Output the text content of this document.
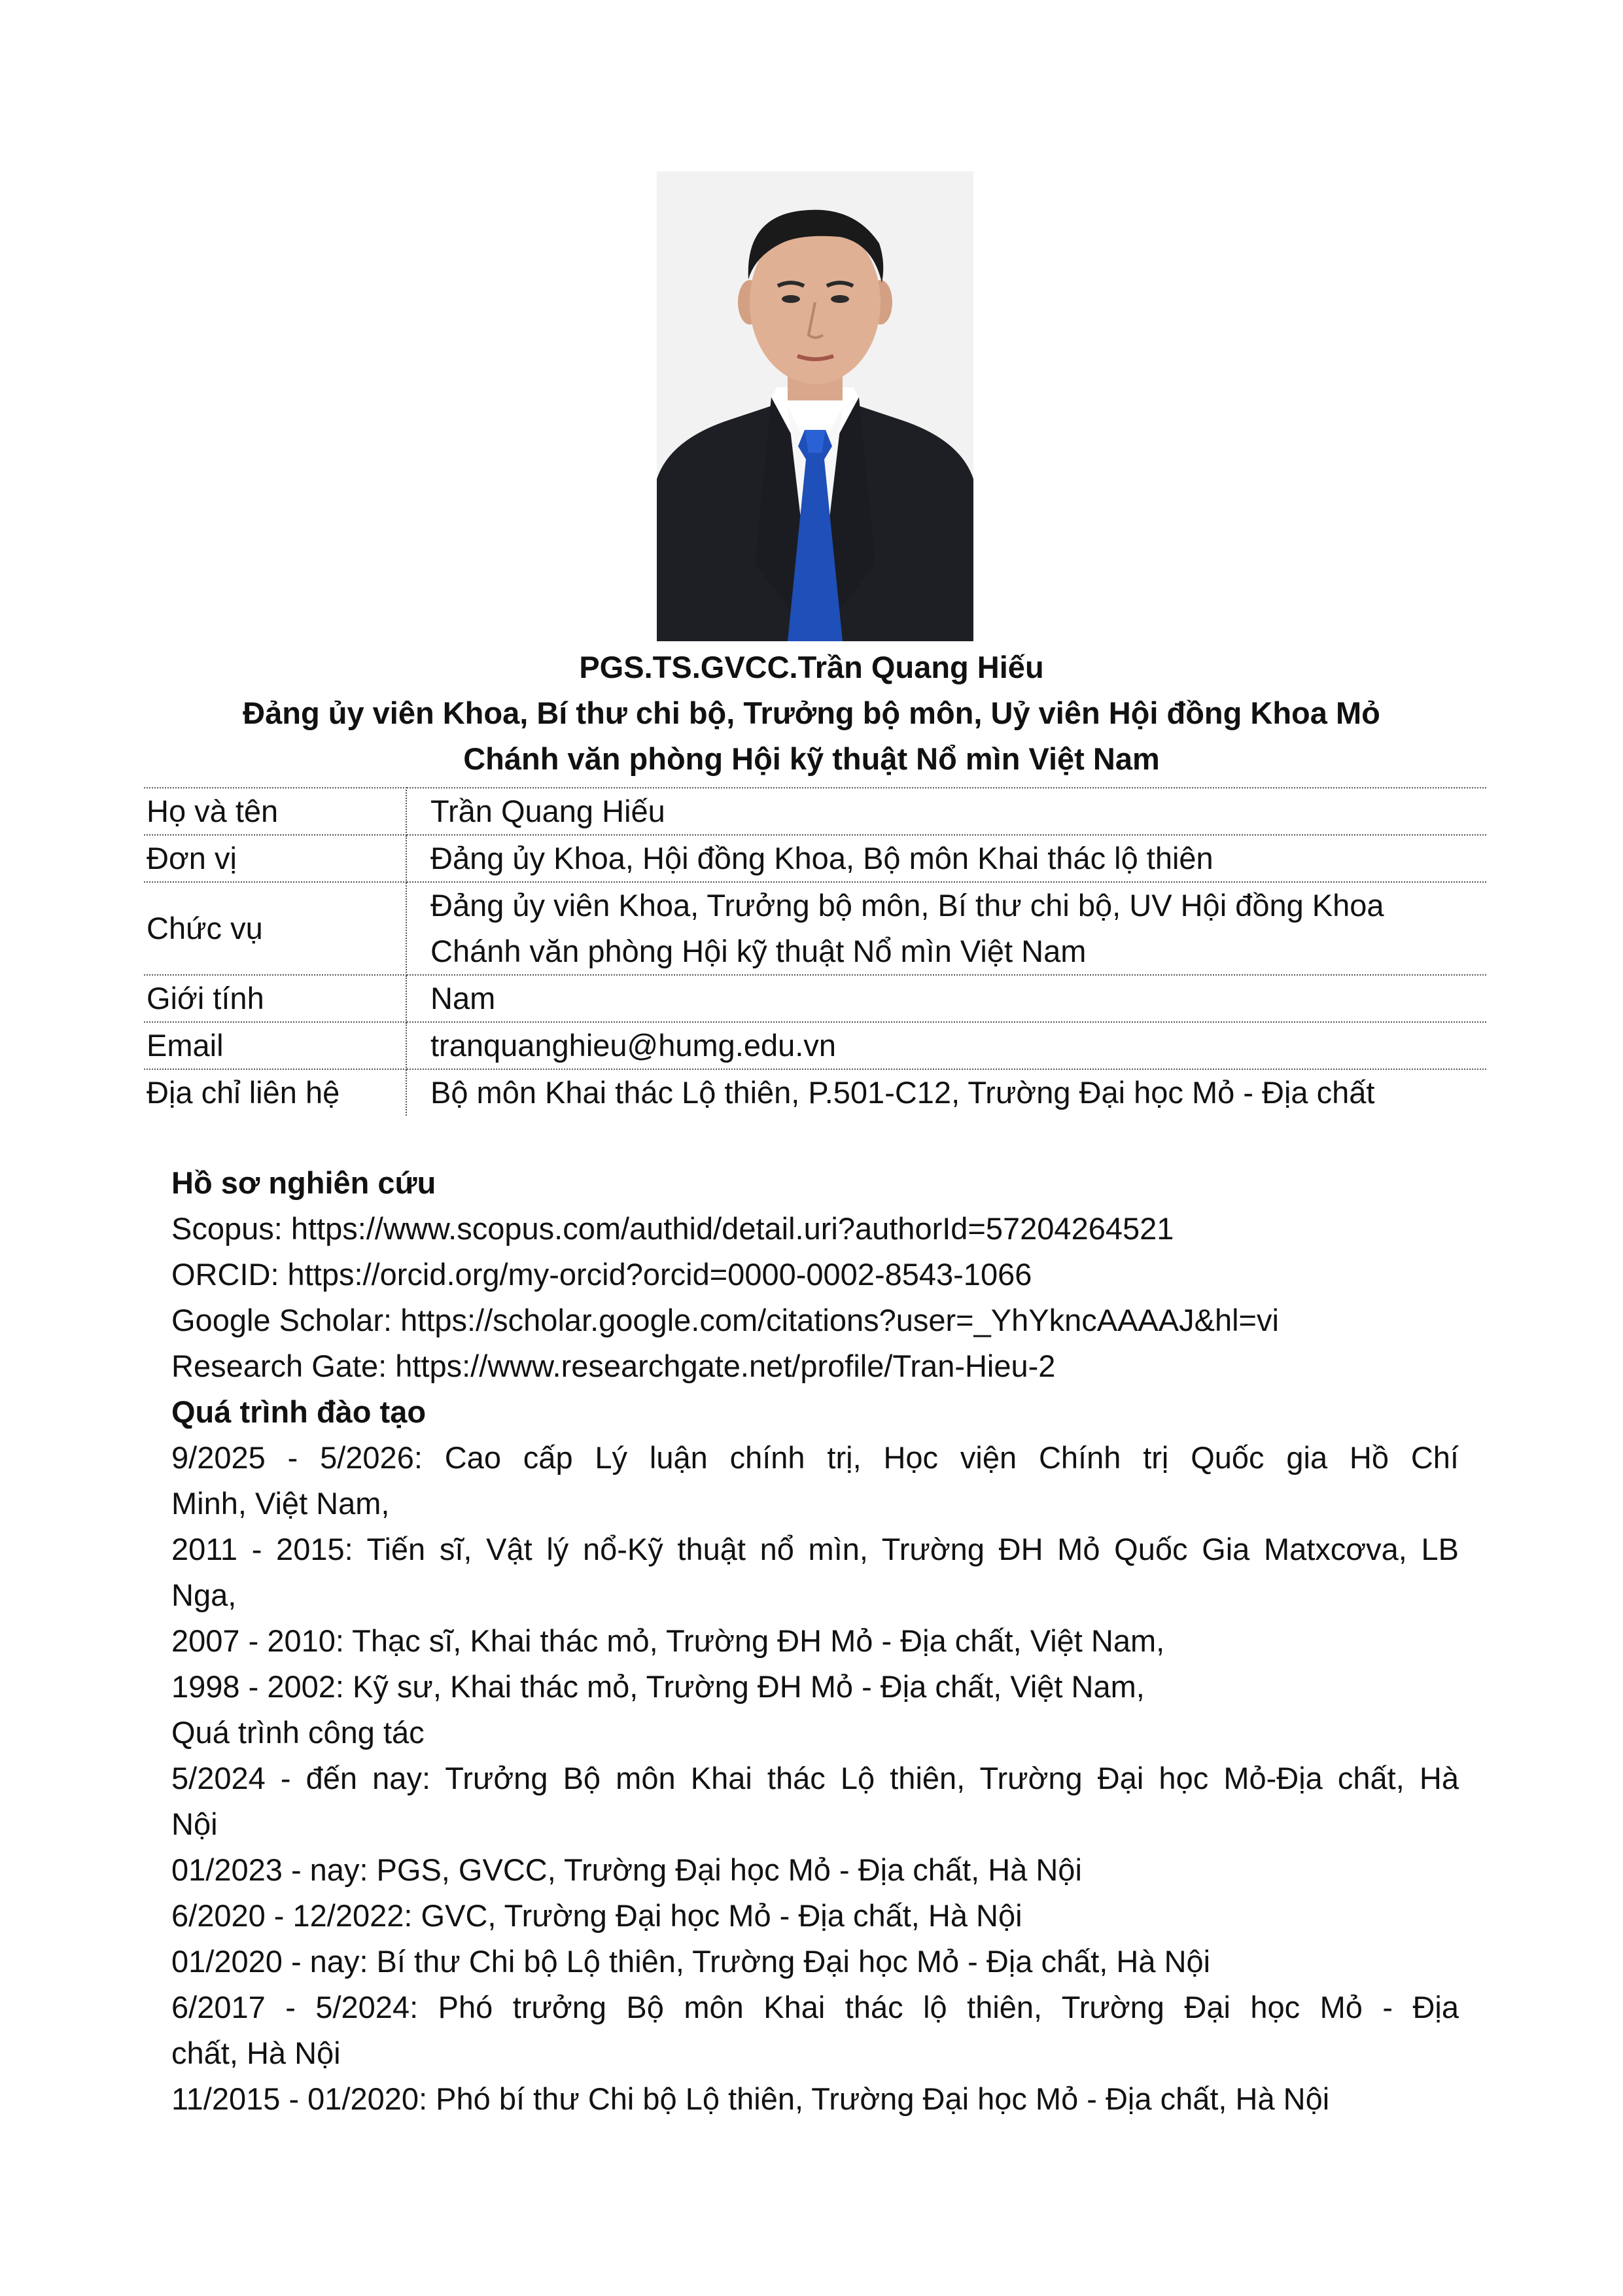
PGS.TS.GVCC.Trần Quang Hiếu
Đảng ủy viên Khoa, Bí thư chi bộ, Trưởng bộ môn, Uỷ viên Hội đồng Khoa Mỏ
Chánh văn phòng Hội kỹ thuật Nổ mìn Việt Nam
Họ và tên	Trần Quang Hiếu

Đơn vị	Đảng ủy Khoa, Hội đồng Khoa, Bộ môn Khai thác lộ thiên

Chức vụ	Đảng ủy viên Khoa, Trưởng bộ môn, Bí thư chi bộ, UV Hội đồng Khoa
Chánh văn phòng Hội kỹ thuật Nổ mìn Việt Nam

Giới tính	Nam

Email	tranquanghieu@humg.edu.vn

Địa chỉ liên hệ	Bộ môn Khai thác Lộ thiên, P.501-C12, Trường Đại học Mỏ - Địa chất
Hồ sơ nghiên cứu
Scopus: https://www.scopus.com/authid/detail.uri?authorId=57204264521
ORCID: https://orcid.org/my-orcid?orcid=0000-0002-8543-1066
Google Scholar: https://scholar.google.com/citations?user=_YhYkncAAAAJ&hl=vi
Research Gate: https://www.researchgate.net/profile/Tran-Hieu-2
Quá trình đào tạo
9/2025 - 5/2026: Cao cấp Lý luận chính trị, Học viện Chính trị Quốc gia Hồ Chí
Minh, Việt Nam,
2011 - 2015: Tiến sĩ, Vật lý nổ-Kỹ thuật nổ mìn, Trường ĐH Mỏ Quốc Gia Matxcơva, LB
Nga,
2007 - 2010: Thạc sĩ, Khai thác mỏ, Trường ĐH Mỏ - Địa chất, Việt Nam,
1998 - 2002: Kỹ sư, Khai thác mỏ, Trường ĐH Mỏ - Địa chất, Việt Nam,
Quá trình công tác
5/2024 - đến nay: Trưởng Bộ môn Khai thác Lộ thiên, Trường Đại học Mỏ-Địa chất, Hà
Nội
01/2023 - nay: PGS, GVCC, Trường Đại học Mỏ - Địa chất, Hà Nội
6/2020 - 12/2022: GVC, Trường Đại học Mỏ - Địa chất, Hà Nội
01/2020 - nay: Bí thư Chi bộ Lộ thiên, Trường Đại học Mỏ - Địa chất, Hà Nội
6/2017 - 5/2024: Phó trưởng Bộ môn Khai thác lộ thiên, Trường Đại học Mỏ - Địa
chất, Hà Nội
11/2015 - 01/2020: Phó bí thư Chi bộ Lộ thiên, Trường Đại học Mỏ - Địa chất, Hà Nội
